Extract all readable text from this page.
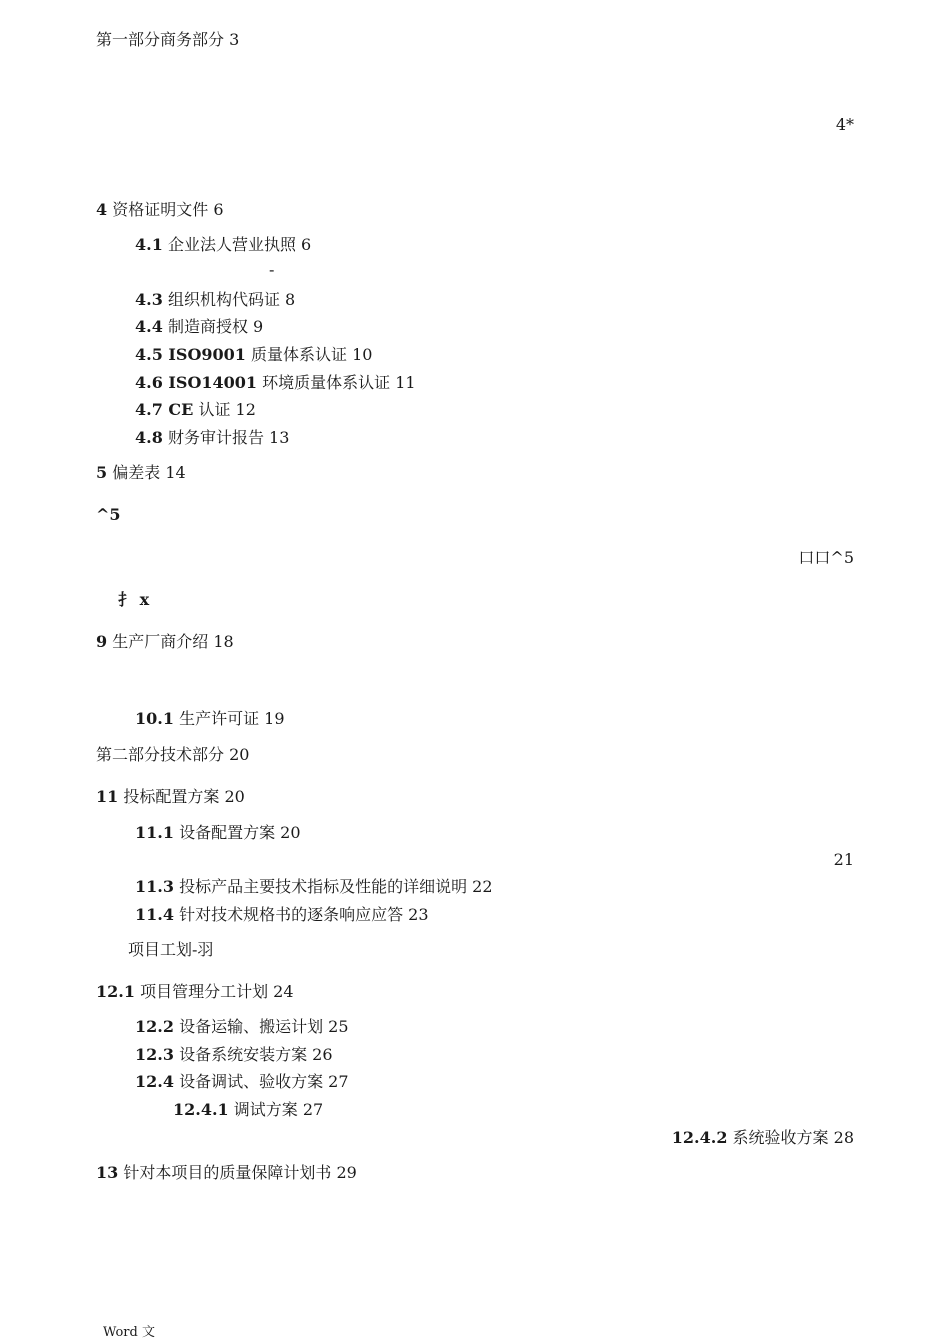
第一部分商务部分 3
4*
4 资格证明文件 6
4.1 企业法人营业执照 6
-
4.3 组织机构代码证 8
4.4 制造商授权 9
4.5 ISO9001 质量体系认证 10
4.6 ISO14001 环境质量体系认证 11
4.7 CE 认证 12
4.8 财务审计报告 13
5 偏差表 14
^5
口口^5
扌 x
9 生产厂商介绍 18
10.1 生产许可证 19
第二部分技术部分 20
11 投标配置方案 20
11.1 设备配置方案 20
21
11.3 投标产品主要技术指标及性能的详细说明 22
11.4 针对技术规格书的逐条响应应答 23
项目工划-羽
12.1 项目管理分工计划 24
12.2 设备运输、搬运计划 25
12.3 设备系统安装方案 26
12.4 设备调试、验收方案 27
12.4.1 调试方案 27
12.4.2 系统验收方案 28
13 针对本项目的质量保障计划书 29
Word 文
